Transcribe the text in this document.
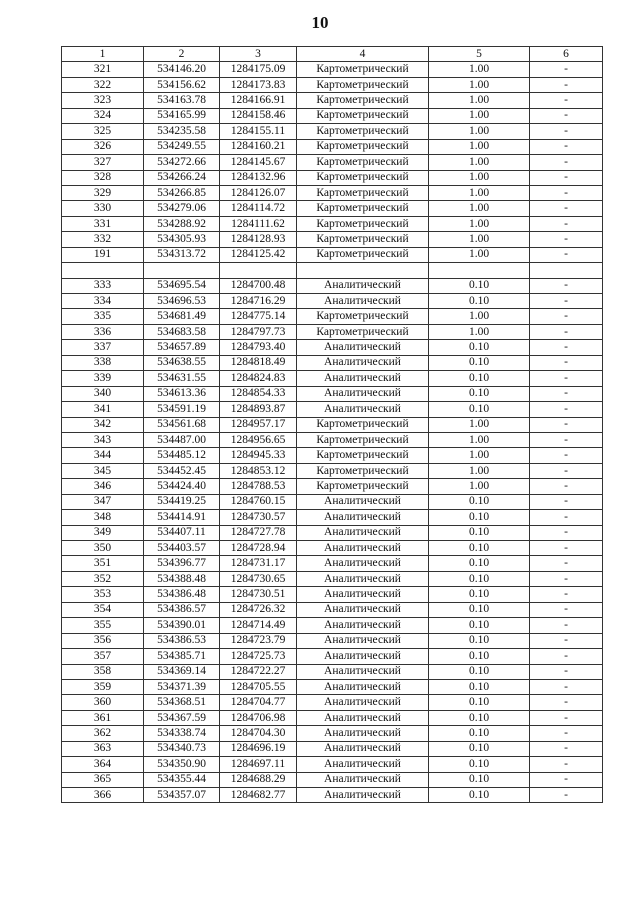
10
1	2	3	4	5	6
321	534146.20	1284175.09	Картометрический	1.00	-
322	534156.62	1284173.83	Картометрический	1.00	-
323	534163.78	1284166.91	Картометрический	1.00	-
324	534165.99	1284158.46	Картометрический	1.00	-
325	534235.58	1284155.11	Картометрический	1.00	-
326	534249.55	1284160.21	Картометрический	1.00	-
327	534272.66	1284145.67	Картометрический	1.00	-
328	534266.24	1284132.96	Картометрический	1.00	-
329	534266.85	1284126.07	Картометрический	1.00	-
330	534279.06	1284114.72	Картометрический	1.00	-
331	534288.92	1284111.62	Картометрический	1.00	-
332	534305.93	1284128.93	Картометрический	1.00	-
191	534313.72	1284125.42	Картометрический	1.00	-

333	534695.54	1284700.48	Аналитический	0.10	-
334	534696.53	1284716.29	Аналитический	0.10	-
335	534681.49	1284775.14	Картометрический	1.00	-
336	534683.58	1284797.73	Картометрический	1.00	-
337	534657.89	1284793.40	Аналитический	0.10	-
338	534638.55	1284818.49	Аналитический	0.10	-
339	534631.55	1284824.83	Аналитический	0.10	-
340	534613.36	1284854.33	Аналитический	0.10	-
341	534591.19	1284893.87	Аналитический	0.10	-
342	534561.68	1284957.17	Картометрический	1.00	-
343	534487.00	1284956.65	Картометрический	1.00	-
344	534485.12	1284945.33	Картометрический	1.00	-
345	534452.45	1284853.12	Картометрический	1.00	-
346	534424.40	1284788.53	Картометрический	1.00	-
347	534419.25	1284760.15	Аналитический	0.10	-
348	534414.91	1284730.57	Аналитический	0.10	-
349	534407.11	1284727.78	Аналитический	0.10	-
350	534403.57	1284728.94	Аналитический	0.10	-
351	534396.77	1284731.17	Аналитический	0.10	-
352	534388.48	1284730.65	Аналитический	0.10	-
353	534386.48	1284730.51	Аналитический	0.10	-
354	534386.57	1284726.32	Аналитический	0.10	-
355	534390.01	1284714.49	Аналитический	0.10	-
356	534386.53	1284723.79	Аналитический	0.10	-
357	534385.71	1284725.73	Аналитический	0.10	-
358	534369.14	1284722.27	Аналитический	0.10	-
359	534371.39	1284705.55	Аналитический	0.10	-
360	534368.51	1284704.77	Аналитический	0.10	-
361	534367.59	1284706.98	Аналитический	0.10	-
362	534338.74	1284704.30	Аналитический	0.10	-
363	534340.73	1284696.19	Аналитический	0.10	-
364	534350.90	1284697.11	Аналитический	0.10	-
365	534355.44	1284688.29	Аналитический	0.10	-
366	534357.07	1284682.77	Аналитический	0.10	-
